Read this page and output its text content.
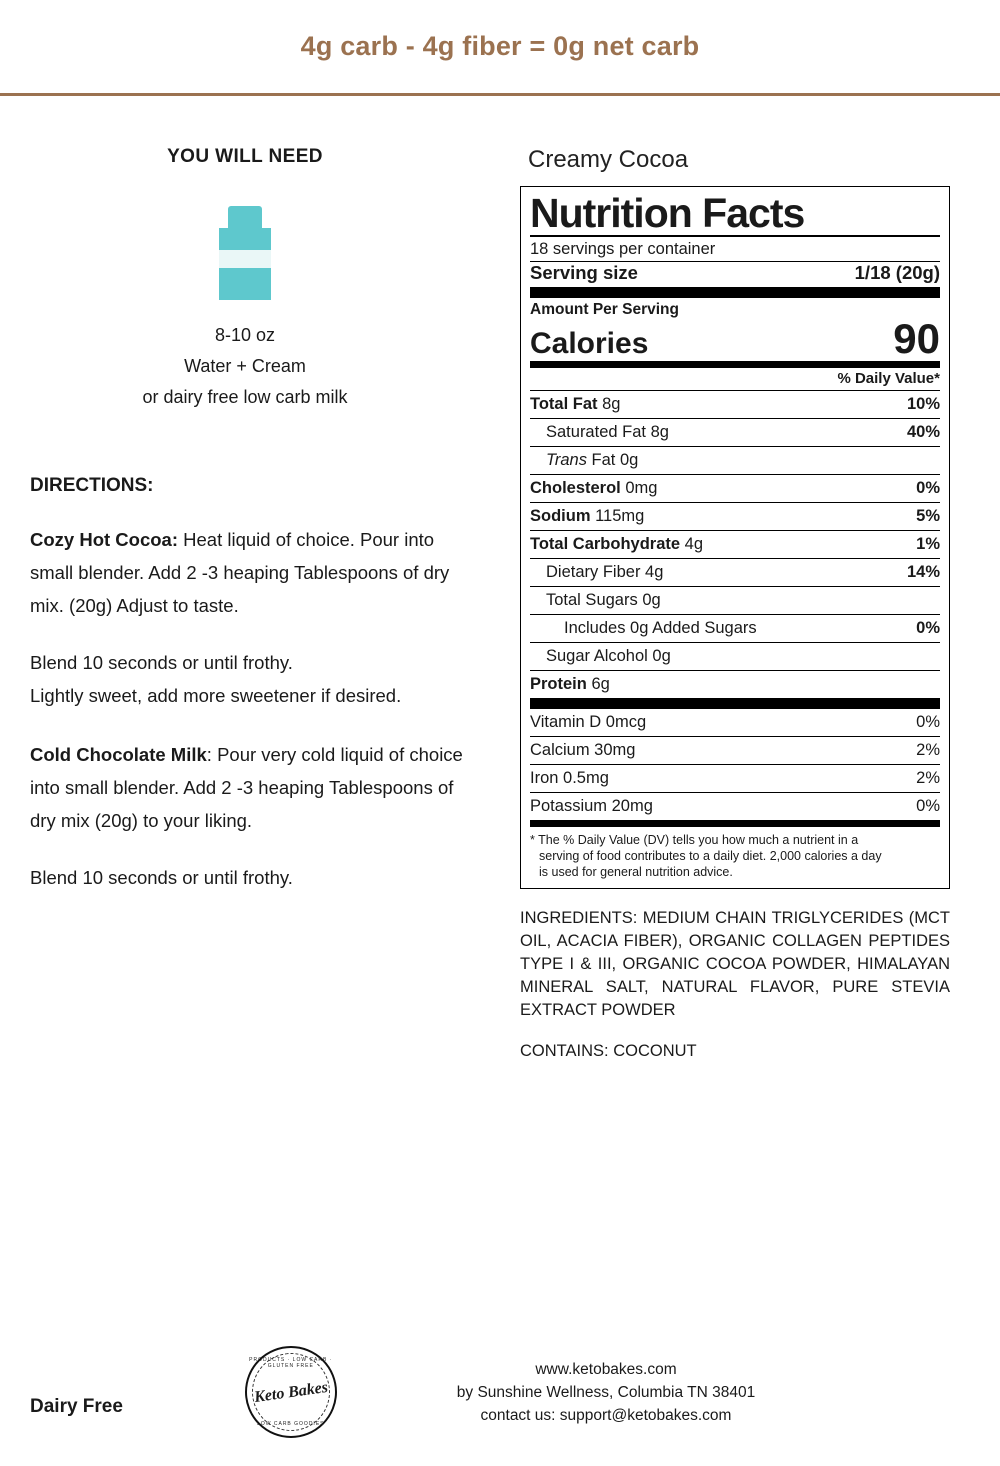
4g carb - 4g fiber = 0g net carb
YOU WILL NEED
8-10 oz
Water + Cream
or dairy free low carb milk
DIRECTIONS:
Cozy Hot Cocoa: Heat liquid of choice. Pour into small blender. Add 2 -3 heaping Tablespoons of dry mix. (20g) Adjust to taste.
Blend 10 seconds or until frothy.
Lightly sweet, add more sweetener if desired.
Cold Chocolate Milk: Pour very cold liquid of choice into small blender. Add 2 -3 heaping Tablespoons of dry mix (20g) to your liking.
Blend 10 seconds or until frothy.
Dairy Free
Creamy Cocoa
Nutrition Facts
18 servings per container
Serving size	1/18 (20g)
Amount Per Serving
Calories	90
% Daily Value*
Total Fat 8g	10%
Saturated Fat 8g	40%
Trans Fat 0g
Cholesterol 0mg	0%
Sodium 115mg	5%
Total Carbohydrate 4g	1%
Dietary Fiber 4g	14%
Total Sugars 0g
Includes 0g Added Sugars	0%
Sugar Alcohol 0g
Protein 6g
Vitamin D 0mcg	0%
Calcium 30mg	2%
Iron 0.5mg	2%
Potassium 20mg	0%
* The % Daily Value (DV) tells you how much a nutrient in a
serving of food contributes to a daily diet. 2,000 calories a day
is used for general nutrition advice.
INGREDIENTS: MEDIUM CHAIN TRIGLYCERIDES (MCT OIL, ACACIA FIBER), ORGANIC COLLAGEN PEPTIDES TYPE I & III, ORGANIC COCOA POWDER, HIMALAYAN MINERAL SALT, NATURAL FLAVOR, PURE STEVIA EXTRACT POWDER
CONTAINS: COCONUT
PRODUCTS · LOW CARB · GLUTEN FREE
Keto Bakes
LOW CARB GOODIES
www.ketobakes.com
by Sunshine Wellness, Columbia TN 38401
contact us: support@ketobakes.com
